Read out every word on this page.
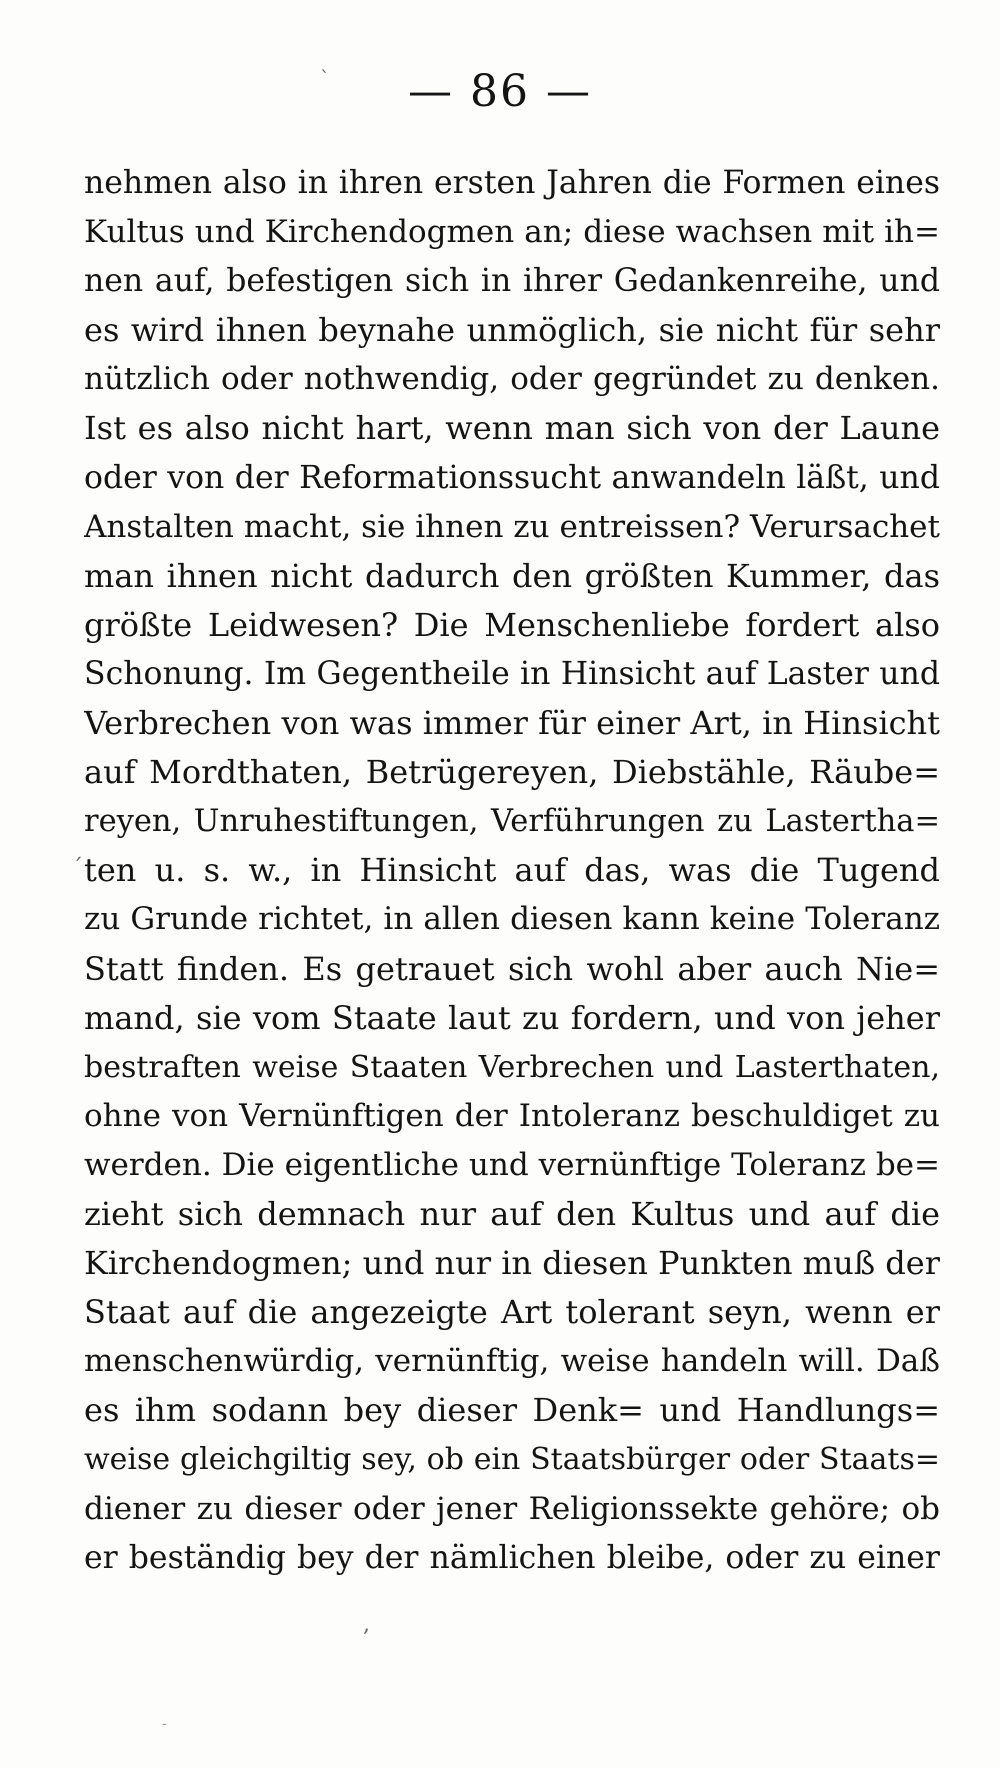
`	— 86 —
nehmen also in ihren ersten Jahren die Formen eines
Kultus und Kirchendogmen an; diese wachsen mit ih=
nen auf, befestigen sich in ihrer Gedankenreihe, und
es wird ihnen beynahe unmöglich, sie nicht für sehr
nützlich oder nothwendig, oder gegründet zu denken.
Ist es also nicht hart, wenn man sich von der Laune
oder von der Reformationssucht anwandeln läßt, und
Anstalten macht, sie ihnen zu entreissen? Verursachet
man ihnen nicht dadurch den größten Kummer, das
größte Leidwesen? Die Menschenliebe fordert also
Schonung. Im Gegentheile in Hinsicht auf Laster und
Verbrechen von was immer für einer Art, in Hinsicht
auf Mordthaten, Betrügereyen, Diebstähle, Räube=
reyen, Unruhestiftungen, Verführungen zu Lastertha=
ten u. s. w., in Hinsicht auf das, was die Tugend
zu Grunde richtet, in allen diesen kann keine Toleranz
Statt finden. Es getrauet sich wohl aber auch Nie=
mand, sie vom Staate laut zu fordern, und von jeher
bestraften weise Staaten Verbrechen und Lasterthaten,
ohne von Vernünftigen der Intoleranz beschuldiget zu
werden. Die eigentliche und vernünftige Toleranz be=
zieht sich demnach nur auf den Kultus und auf die
Kirchendogmen; und nur in diesen Punkten muß der
Staat auf die angezeigte Art tolerant seyn, wenn er
menschenwürdig, vernünftig, weise handeln will. Daß
es ihm sodann bey dieser Denk= und Handlungs=
weise gleichgiltig sey, ob ein Staatsbürger oder Staats=
diener zu dieser oder jener Religionssekte gehöre; ob
er beständig bey der nämlichen bleibe, oder zu einer
´
,
-
